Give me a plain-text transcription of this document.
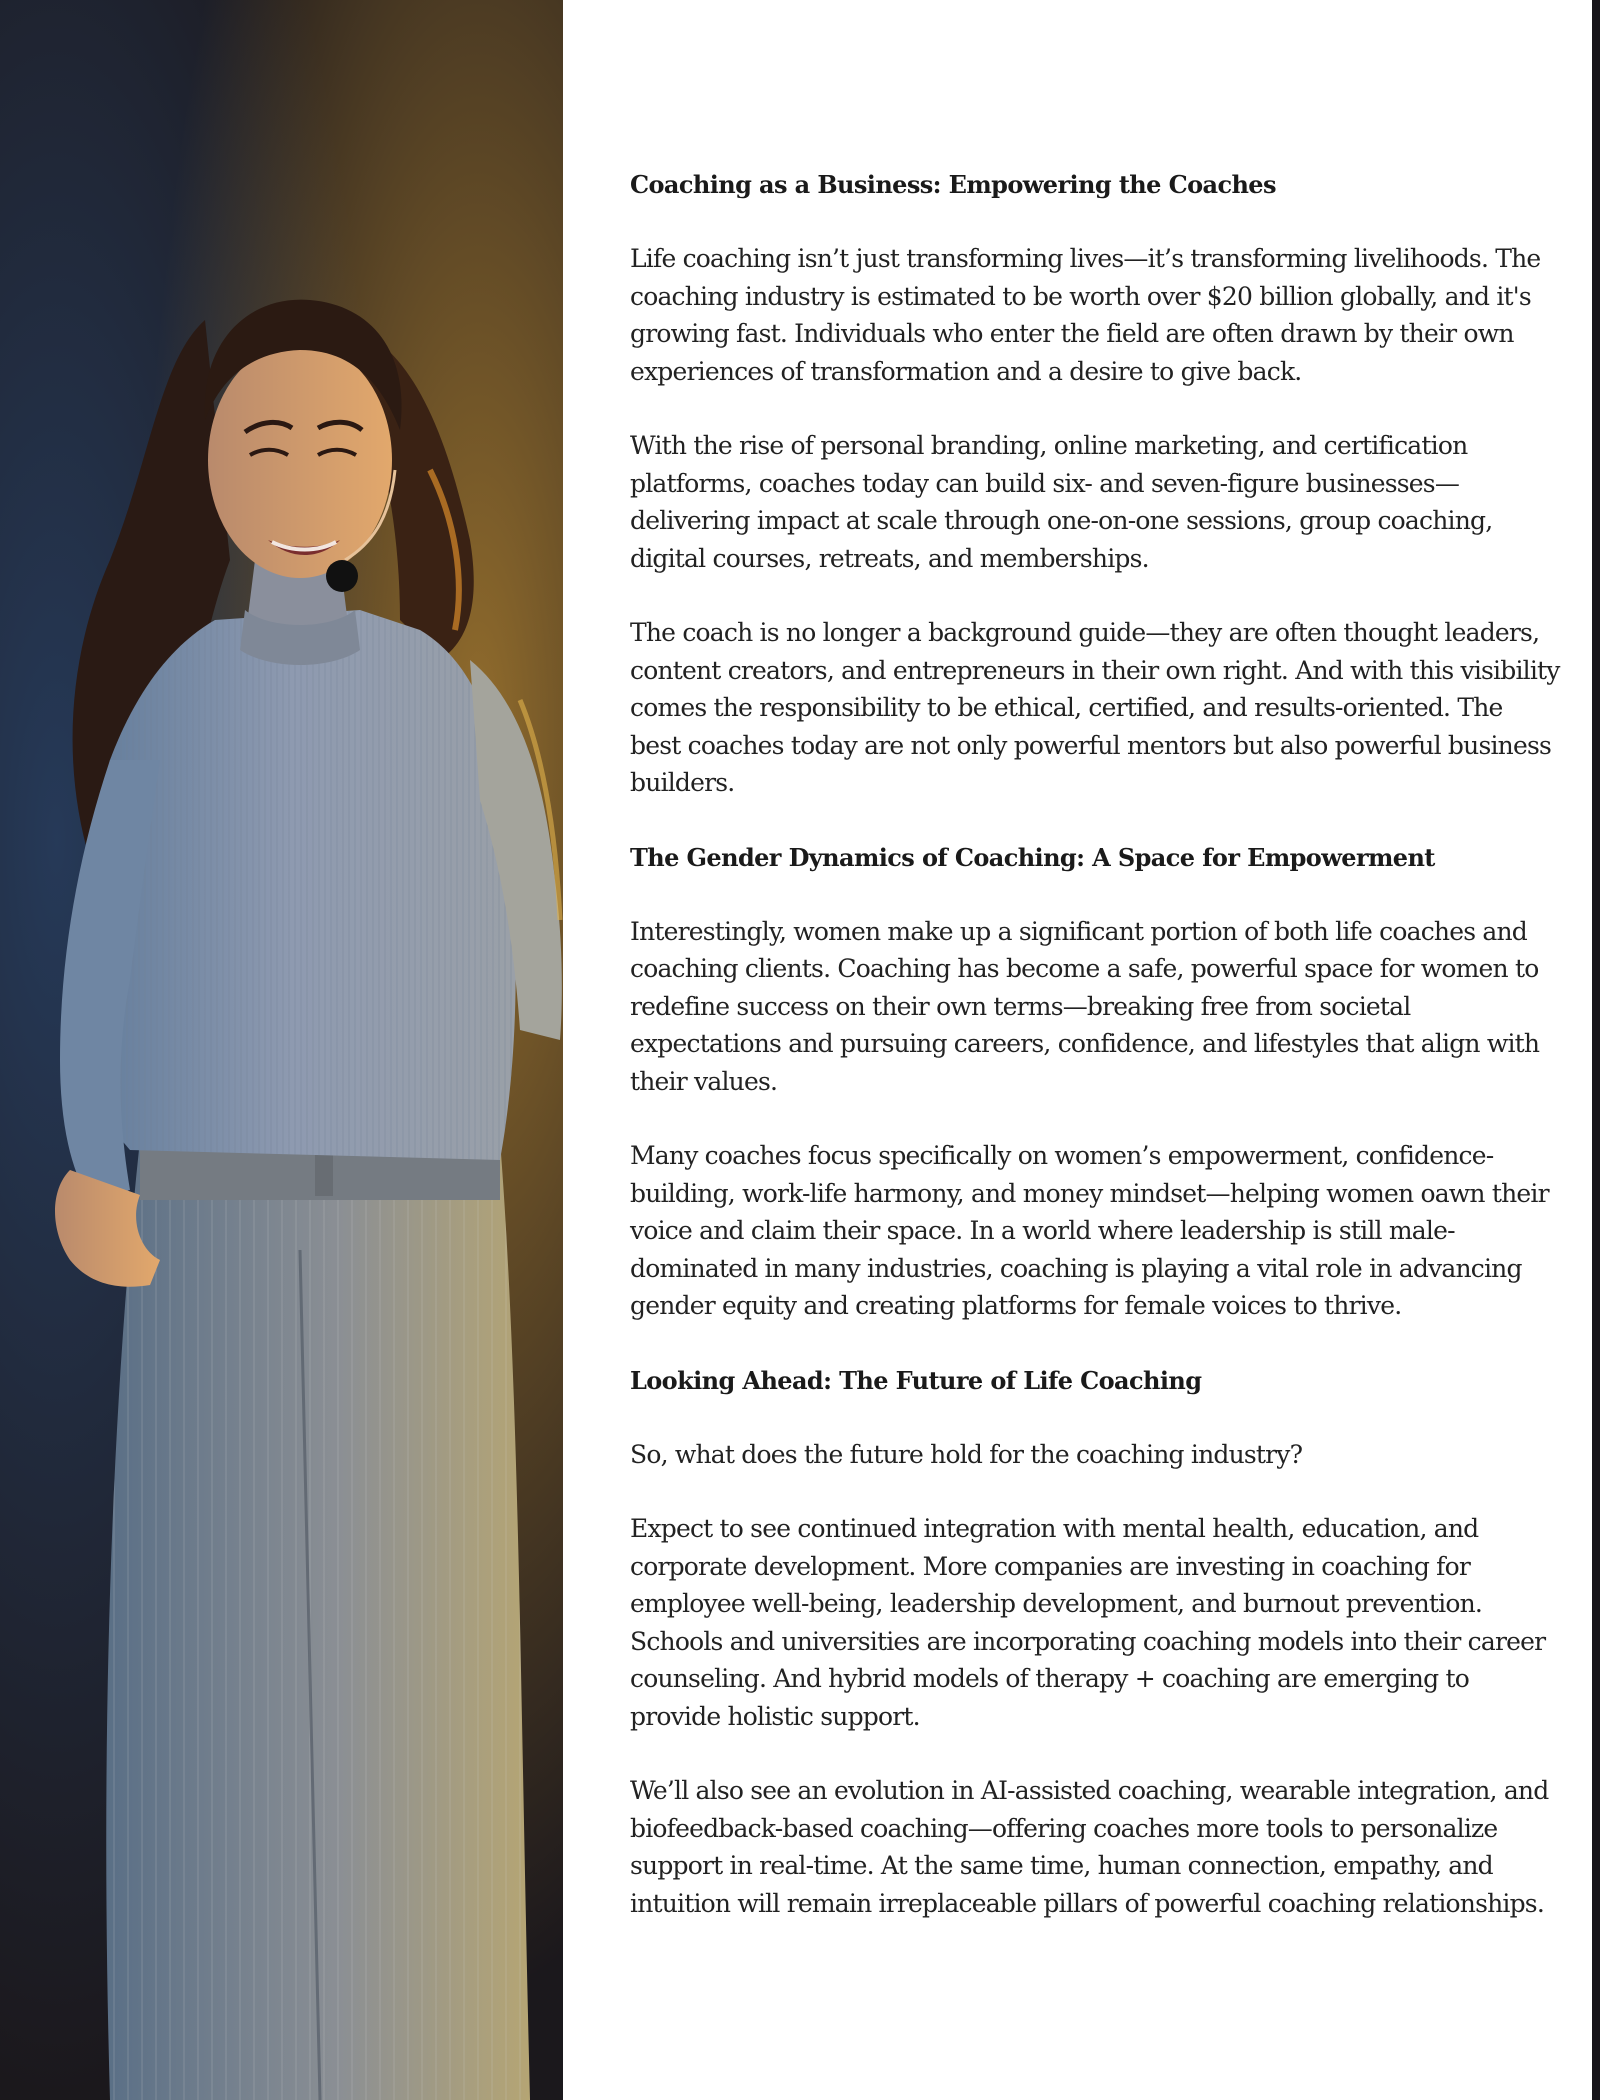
Coaching as a Business: Empowering the Coaches

Life coaching isn’t just transforming lives—it’s transforming livelihoods. The coaching industry is estimated to be worth over $20 billion globally, and it's growing fast. Individuals who enter the field are often drawn by their own experiences of transformation and a desire to give back.

With the rise of personal branding, online marketing, and certification platforms, coaches today can build six- and seven-figure businesses—delivering impact at scale through one-on-one sessions, group coaching, digital courses, retreats, and memberships.

The coach is no longer a background guide—they are often thought leaders, content creators, and entrepreneurs in their own right. And with this visibility comes the responsibility to be ethical, certified, and results-oriented. The best coaches today are not only powerful mentors but also powerful business builders.

The Gender Dynamics of Coaching: A Space for Empowerment

Interestingly, women make up a significant portion of both life coaches and coaching clients. Coaching has become a safe, powerful space for women to redefine success on their own terms—breaking free from societal expectations and pursuing careers, confidence, and lifestyles that align with their values.

Many coaches focus specifically on women’s empowerment, confidence-building, work-life harmony, and money mindset—helping women oawn their voice and claim their space. In a world where leadership is still male-dominated in many industries, coaching is playing a vital role in advancing gender equity and creating platforms for female voices to thrive.

Looking Ahead: The Future of Life Coaching

So, what does the future hold for the coaching industry?

Expect to see continued integration with mental health, education, and corporate development. More companies are investing in coaching for employee well-being, leadership development, and burnout prevention. Schools and universities are incorporating coaching models into their career counseling. And hybrid models of therapy + coaching are emerging to provide holistic support.

We’ll also see an evolution in AI-assisted coaching, wearable integration, and biofeedback-based coaching—offering coaches more tools to personalize support in real-time. At the same time, human connection, empathy, and intuition will remain irreplaceable pillars of powerful coaching relationships.
